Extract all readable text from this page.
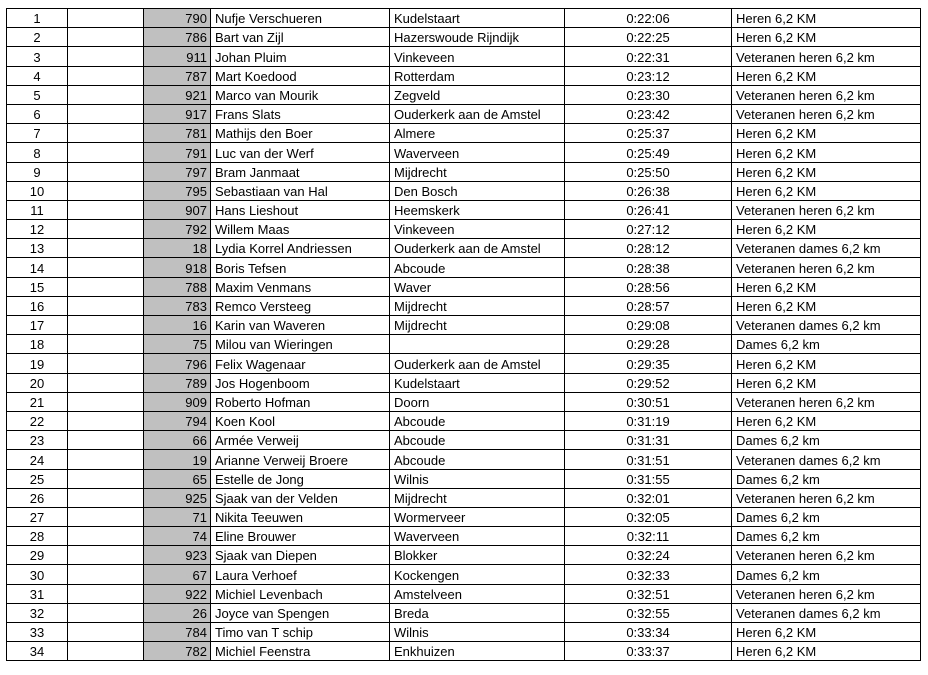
1		790	Nufje Verschueren	Kudelstaart	0:22:06	Heren 6,2 KM
2		786	Bart van Zijl	Hazerswoude Rijndijk	0:22:25	Heren 6,2 KM
3		911	Johan Pluim	Vinkeveen	0:22:31	Veteranen heren 6,2 km
4		787	Mart Koedood	Rotterdam	0:23:12	Heren 6,2 KM
5		921	Marco van Mourik	Zegveld	0:23:30	Veteranen heren 6,2 km
6		917	Frans Slats	Ouderkerk aan de Amstel	0:23:42	Veteranen heren 6,2 km
7		781	Mathijs den Boer	Almere	0:25:37	Heren 6,2 KM
8		791	Luc van der Werf	Waverveen	0:25:49	Heren 6,2 KM
9		797	Bram Janmaat	Mijdrecht	0:25:50	Heren 6,2 KM
10		795	Sebastiaan van Hal	Den Bosch	0:26:38	Heren 6,2 KM
11		907	Hans Lieshout	Heemskerk	0:26:41	Veteranen heren 6,2 km
12		792	Willem Maas	Vinkeveen	0:27:12	Heren 6,2 KM
13		18	Lydia Korrel Andriessen	Ouderkerk aan de Amstel	0:28:12	Veteranen dames 6,2 km
14		918	Boris Tefsen	Abcoude	0:28:38	Veteranen heren 6,2 km
15		788	Maxim Venmans	Waver	0:28:56	Heren 6,2 KM
16		783	Remco Versteeg	Mijdrecht	0:28:57	Heren 6,2 KM
17		16	Karin van Waveren	Mijdrecht	0:29:08	Veteranen dames 6,2 km
18		75	Milou van Wieringen		0:29:28	Dames 6,2 km
19		796	Felix Wagenaar	Ouderkerk aan de Amstel	0:29:35	Heren 6,2 KM
20		789	Jos Hogenboom	Kudelstaart	0:29:52	Heren 6,2 KM
21		909	Roberto Hofman	Doorn	0:30:51	Veteranen heren 6,2 km
22		794	Koen Kool	Abcoude	0:31:19	Heren 6,2 KM
23		66	Armée Verweij	Abcoude	0:31:31	Dames 6,2 km
24		19	Arianne Verweij Broere	Abcoude	0:31:51	Veteranen dames 6,2 km
25		65	Estelle de Jong	Wilnis	0:31:55	Dames 6,2 km
26		925	Sjaak van der Velden	Mijdrecht	0:32:01	Veteranen heren 6,2 km
27		71	Nikita Teeuwen	Wormerveer	0:32:05	Dames 6,2 km
28		74	Eline Brouwer	Waverveen	0:32:11	Dames 6,2 km
29		923	Sjaak van Diepen	Blokker	0:32:24	Veteranen heren 6,2 km
30		67	Laura Verhoef	Kockengen	0:32:33	Dames 6,2 km
31		922	Michiel Levenbach	Amstelveen	0:32:51	Veteranen heren 6,2 km
32		26	Joyce van Spengen	Breda	0:32:55	Veteranen dames 6,2 km
33		784	Timo van T schip	Wilnis	0:33:34	Heren 6,2 KM
34		782	Michiel Feenstra	Enkhuizen	0:33:37	Heren 6,2 KM
